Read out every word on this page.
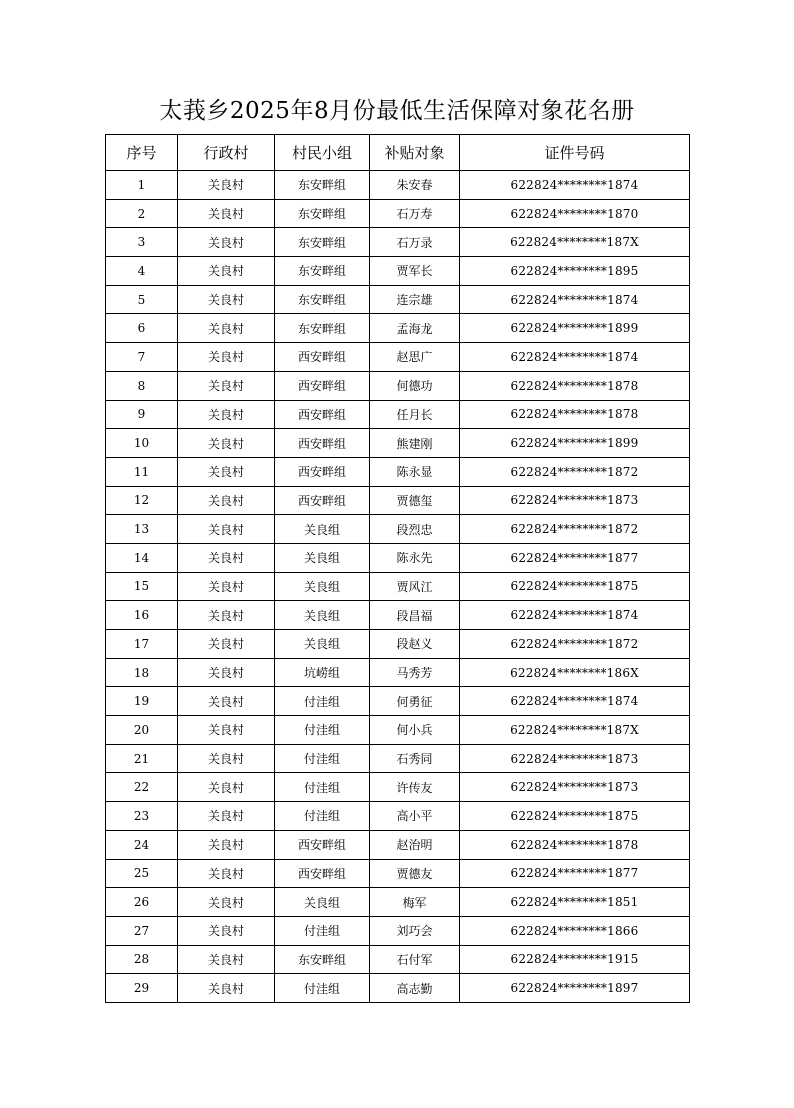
太莪乡2025年8月份最低生活保障对象花名册
序号	行政村	村民小组	补贴对象	证件号码
1	关良村	东安畔组	朱安春	622824********1874
2	关良村	东安畔组	石万寿	622824********1870
3	关良村	东安畔组	石万录	622824********187X
4	关良村	东安畔组	贾军长	622824********1895
5	关良村	东安畔组	连宗雄	622824********1874
6	关良村	东安畔组	孟海龙	622824********1899
7	关良村	西安畔组	赵思广	622824********1874
8	关良村	西安畔组	何德功	622824********1878
9	关良村	西安畔组	任月长	622824********1878
10	关良村	西安畔组	熊建刚	622824********1899
11	关良村	西安畔组	陈永显	622824********1872
12	关良村	西安畔组	贾德玺	622824********1873
13	关良村	关良组	段烈忠	622824********1872
14	关良村	关良组	陈永先	622824********1877
15	关良村	关良组	贾风江	622824********1875
16	关良村	关良组	段昌福	622824********1874
17	关良村	关良组	段赵义	622824********1872
18	关良村	坑崂组	马秀芳	622824********186X
19	关良村	付洼组	何勇征	622824********1874
20	关良村	付洼组	何小兵	622824********187X
21	关良村	付洼组	石秀同	622824********1873
22	关良村	付洼组	许传友	622824********1873
23	关良村	付洼组	高小平	622824********1875
24	关良村	西安畔组	赵治明	622824********1878
25	关良村	西安畔组	贾德友	622824********1877
26	关良村	关良组	梅军	622824********1851
27	关良村	付洼组	刘巧会	622824********1866
28	关良村	东安畔组	石付军	622824********1915
29	关良村	付洼组	高志勤	622824********1897
